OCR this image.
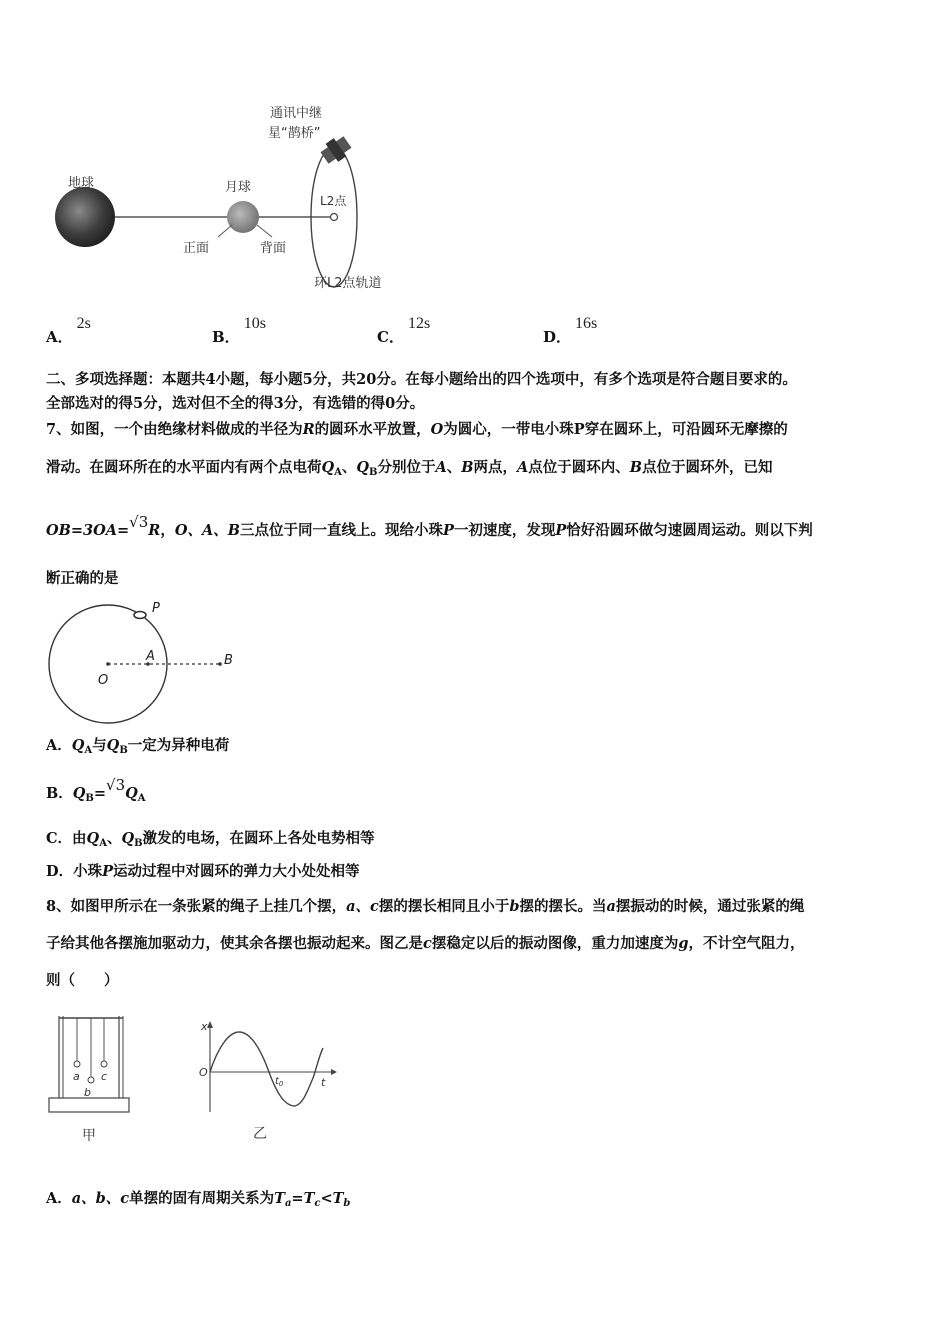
地球	月球
通讯中继
星“鹊桥”
L2点
正面	背面
环L2点轨道
A．2s
B．10s
C．12s
D．16s
二、多项选择题：本题共4小题，每小题5分，共20分。在每小题给出的四个选项中，有多个选项是符合题目要求的。
全部选对的得5分，选对但不全的得3分，有选错的得0分。
7、如图，一个由绝缘材料做成的半径为R的圆环水平放置，O为圆心，一带电小珠P穿在圆环上，可沿圆环无摩擦的
滑动。在圆环所在的水平面内有两个点电荷$Q_A$、$Q_B$分别位于A、B两点，A点位于圆环内、B点位于圆环外，已知
OB=3OA=√3R，O、A、B三点位于同一直线上。现给小珠P一初速度，发现P恰好沿圆环做匀速圆周运动。则以下判
断正确的是
P
O
A	B
A．$Q_A$与$Q_B$一定为异种电荷
B．$Q_B=√3Q_A$
C．由$Q_A$、$Q_B$激发的电场，在圆环上各处电势相等
D．小珠P运动过程中对圆环的弹力大小处处相等
8、如图甲所示在一条张紧的绳子上挂几个摆，a、c摆的摆长相同且小于b摆的摆长。当a摆振动的时候，通过张紧的绳
子给其他各摆施加驱动力，使其余各摆也振动起来。图乙是c摆稳定以后的振动图像，重力加速度为g，不计空气阻力，
则（　　）
a
b
c
甲
x
O
t
$t_0$
乙
A．a、b、c单摆的固有周期关系为$T_a=T_c<T_b$
